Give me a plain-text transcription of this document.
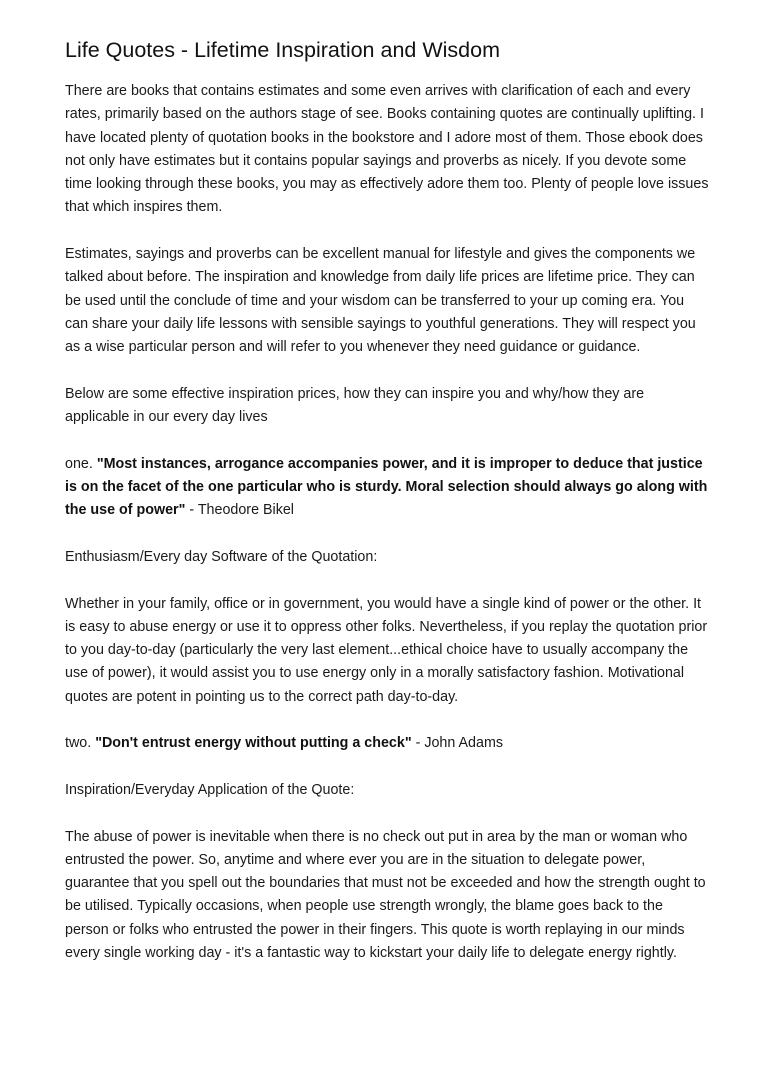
Life Quotes - Lifetime Inspiration and Wisdom

There are books that contains estimates and some even arrives with clarification of each and every rates, primarily based on the authors stage of see. Books containing quotes are continually uplifting. I have located plenty of quotation books in the bookstore and I adore most of them. Those ebook does not only have estimates but it contains popular sayings and proverbs as nicely. If you devote some time looking through these books, you may as effectively adore them too. Plenty of people love issues that which inspires them.

Estimates, sayings and proverbs can be excellent manual for lifestyle and gives the components we talked about before. The inspiration and knowledge from daily life prices are lifetime price. They can be used until the conclude of time and your wisdom can be transferred to your up coming era. You can share your daily life lessons with sensible sayings to youthful generations. They will respect you as a wise particular person and will refer to you whenever they need guidance or guidance.

Below are some effective inspiration prices, how they can inspire you and why/how they are applicable in our every day lives

one. "Most instances, arrogance accompanies power, and it is improper to deduce that justice is on the facet of the one particular who is sturdy. Moral selection should always go along with the use of power" - Theodore Bikel

Enthusiasm/Every day Software of the Quotation:

Whether in your family, office or in government, you would have a single kind of power or the other. It is easy to abuse energy or use it to oppress other folks. Nevertheless, if you replay the quotation prior to you day-to-day (particularly the very last element...ethical choice have to usually accompany the use of power), it would assist you to use energy only in a morally satisfactory fashion. Motivational quotes are potent in pointing us to the correct path day-to-day.

two. "Don't entrust energy without putting a check" - John Adams

Inspiration/Everyday Application of the Quote:

The abuse of power is inevitable when there is no check out put in area by the man or woman who entrusted the power. So, anytime and where ever you are in the situation to delegate power, guarantee that you spell out the boundaries that must not be exceeded and how the strength ought to be utilised. Typically occasions, when people use strength wrongly, the blame goes back to the person or folks who entrusted the power in their fingers. This quote is worth replaying in our minds every single working day - it's a fantastic way to kickstart your daily life to delegate energy rightly.
